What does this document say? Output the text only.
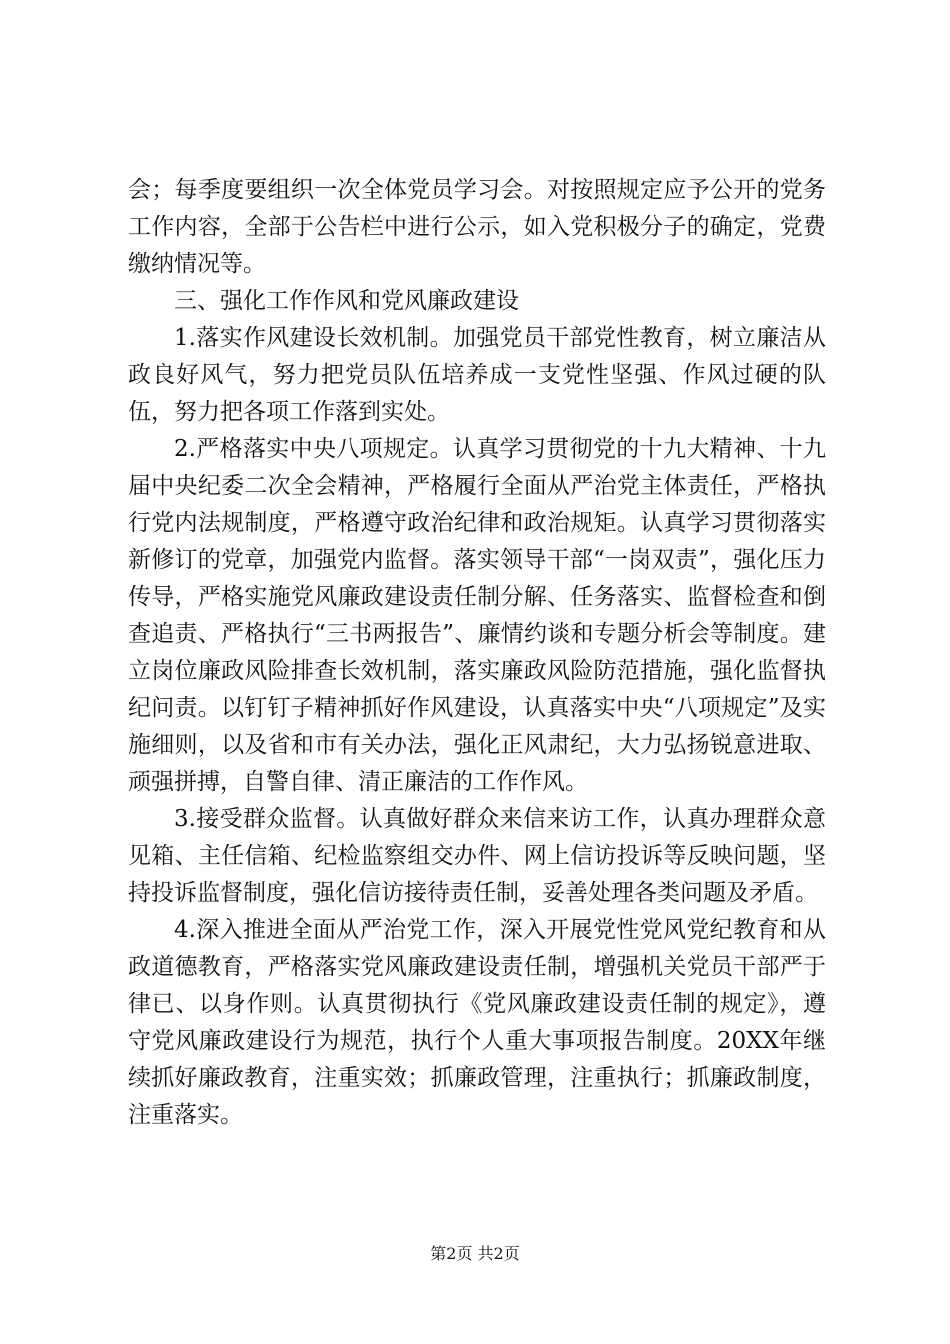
会；每季度要组织一次全体党员学习会。对按照规定应予公开的党务工作内容，全部于公告栏中进行公示，如入党积极分子的确定，党费缴纳情况等。

三、强化工作作风和党风廉政建设

1.落实作风建设长效机制。加强党员干部党性教育，树立廉洁从政良好风气，努力把党员队伍培养成一支党性坚强、作风过硬的队伍，努力把各项工作落到实处。

2.严格落实中央八项规定。认真学习贯彻党的十九大精神、十九届中央纪委二次全会精神，严格履行全面从严治党主体责任，严格执行党内法规制度，严格遵守政治纪律和政治规矩。认真学习贯彻落实新修订的党章，加强党内监督。落实领导干部“一岗双责”，强化压力传导，严格实施党风廉政建设责任制分解、任务落实、监督检查和倒查追责、严格执行“三书两报告”、廉情约谈和专题分析会等制度。建立岗位廉政风险排查长效机制，落实廉政风险防范措施，强化监督执纪问责。以钉钉子精神抓好作风建设，认真落实中央“八项规定”及实施细则，以及省和市有关办法，强化正风肃纪，大力弘扬锐意进取、顽强拼搏，自警自律、清正廉洁的工作作风。

3.接受群众监督。认真做好群众来信来访工作，认真办理群众意见箱、主任信箱、纪检监察组交办件、网上信访投诉等反映问题，坚持投诉监督制度，强化信访接待责任制，妥善处理各类问题及矛盾。

4.深入推进全面从严治党工作，深入开展党性党风党纪教育和从政道德教育，严格落实党风廉政建设责任制，增强机关党员干部严于律已、以身作则。认真贯彻执行《党风廉政建设责任制的规定》，遵守党风廉政建设行为规范，执行个人重大事项报告制度。20XX年继续抓好廉政教育，注重实效；抓廉政管理，注重执行；抓廉政制度，注重落实。

第2页 共2页
